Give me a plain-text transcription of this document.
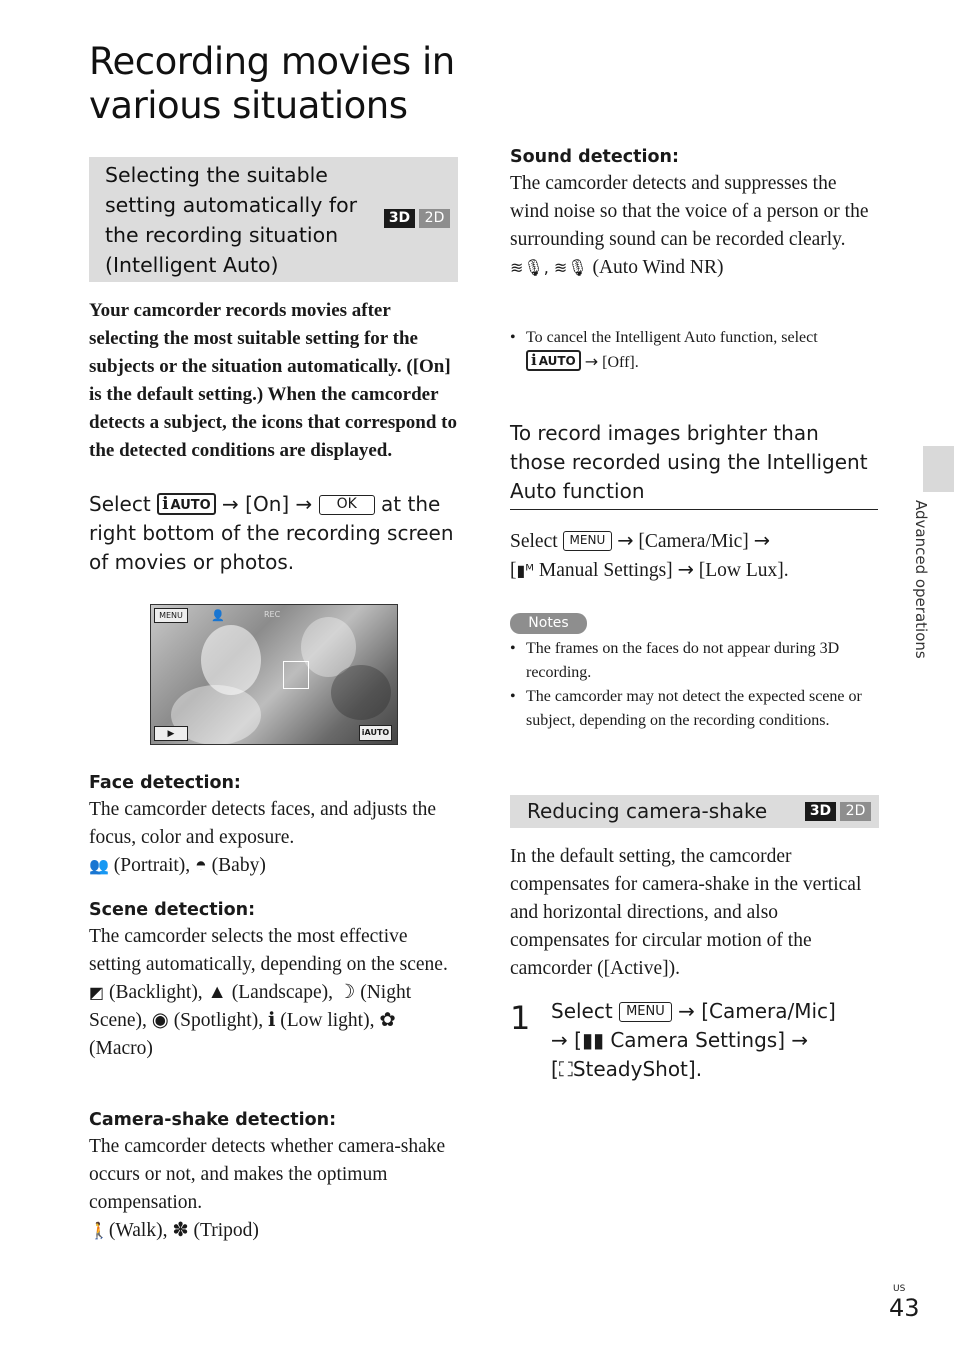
Recording movies in various situations
Selecting the suitable setting automatically for the recording situation (Intelligent Auto)
3D	2D
Your camcorder records movies after selecting the most suitable setting for the subjects or the situation automatically. ([On] is the default setting.) When the camcorder detects a subject, the icons that correspond to the detected conditions are displayed.
Select i AUTO → [On] → OK at the right bottom of the recording screen of movies or photos.
MENU	👤	REC
▶	iAUTO
Face detection:
The camcorder detects faces, and adjusts the focus, color and exposure.
👥 (Portrait), ◓ (Baby)
Scene detection:
The camcorder selects the most effective setting automatically, depending on the scene.
◩ (Backlight), ▲ (Landscape), ☽ (Night Scene), ◉ (Spotlight), ℹ (Low light), ✿ (Macro)
Camera-shake detection:
The camcorder detects whether camera-shake occurs or not, and makes the optimum compensation.
🚶(Walk), ✽ (Tripod)
Sound detection:
The camcorder detects and suppresses the wind noise so that the voice of a person or the surrounding sound can be recorded clearly.
≋🎙, ≋🎙 (Auto Wind NR)
• To cancel the Intelligent Auto function, select
i AUTO → [Off].
To record images brighter than those recorded using the Intelligent Auto function
Select MENU → [Camera/Mic] →
[▮ᴹ Manual Settings] → [Low Lux].
Notes
• The frames on the faces do not appear during 3D recording.
• The camcorder may not detect the expected scene or subject, depending on the recording conditions.
Reducing camera-shake	3D	2D
In the default setting, the camcorder compensates for camera-shake in the vertical and horizontal directions, and also compensates for circular motion of the camcorder ([Active]).
1 Select MENU → [Camera/Mic]
→ [▮▮ Camera Settings] →
[⛶SteadyShot].
Advanced operations
US
43
